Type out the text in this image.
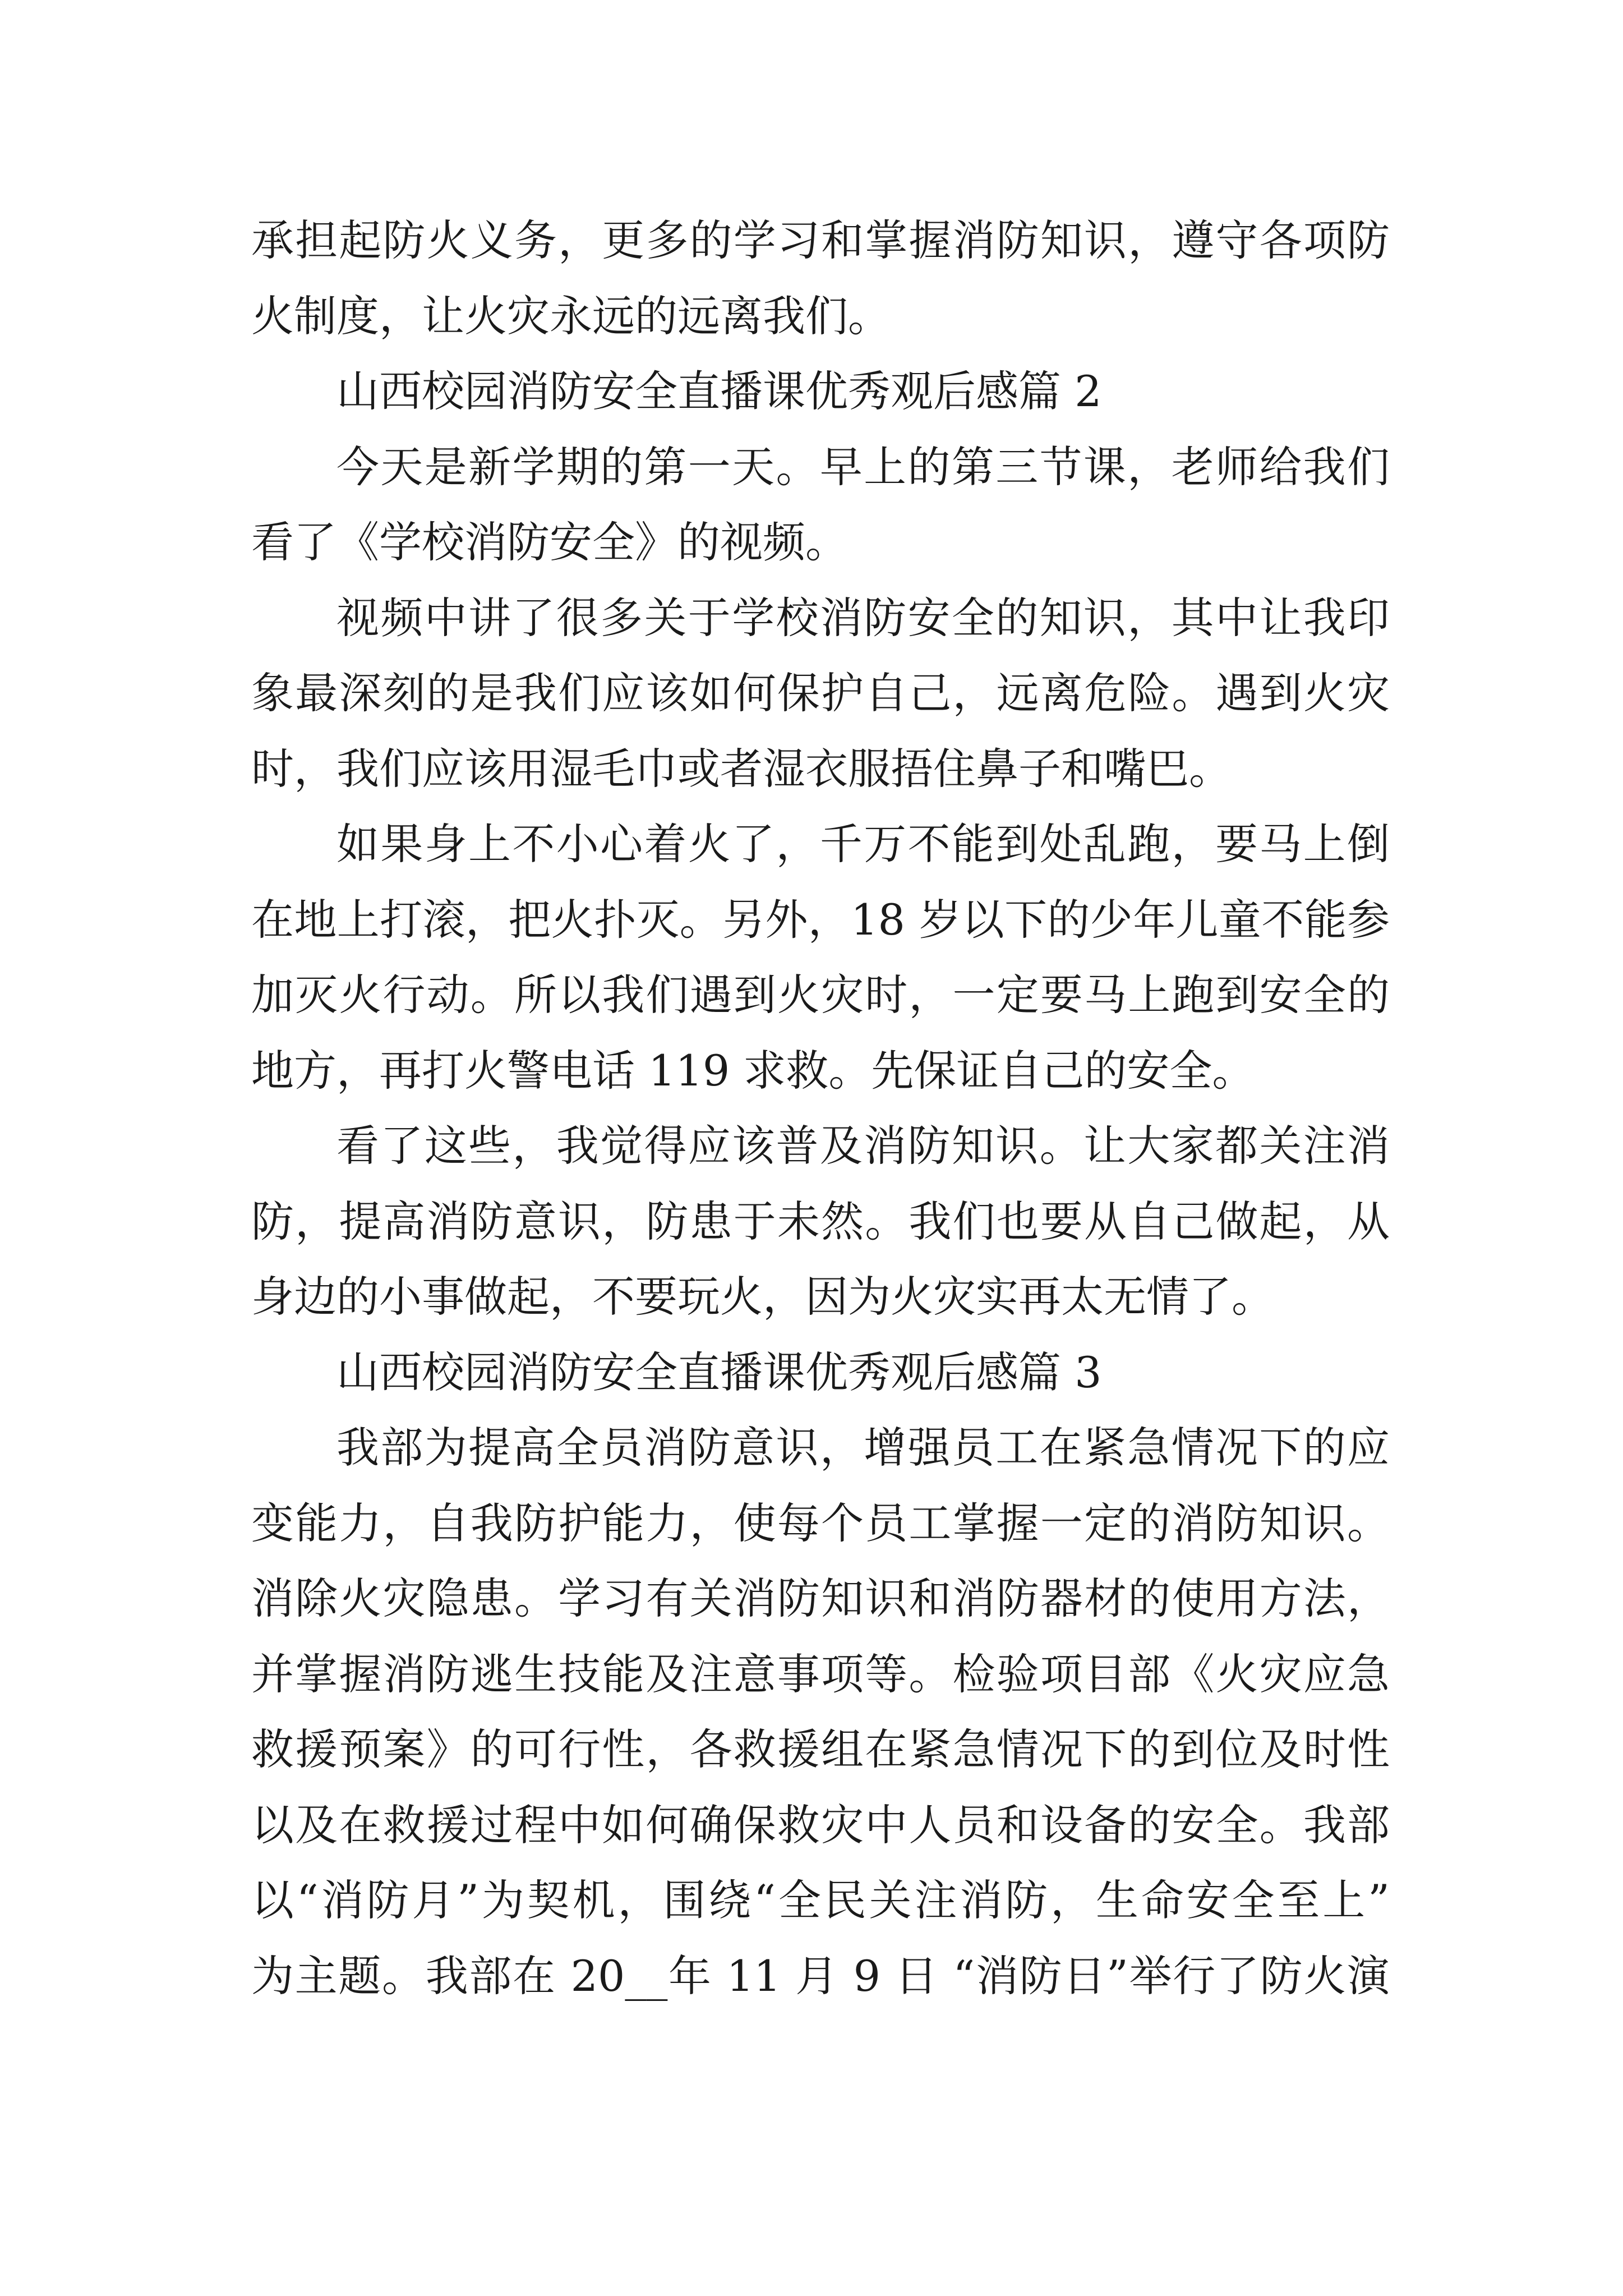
承担起防火义务，更多的学习和掌握消防知识，遵守各项防
火制度，让火灾永远的远离我们。
山西校园消防安全直播课优秀观后感篇 2
今天是新学期的第一天。早上的第三节课，老师给我们
看了《学校消防安全》的视频。
视频中讲了很多关于学校消防安全的知识，其中让我印
象最深刻的是我们应该如何保护自己，远离危险。遇到火灾
时，我们应该用湿毛巾或者湿衣服捂住鼻子和嘴巴。
如果身上不小心着火了，千万不能到处乱跑，要马上倒
在地上打滚，把火扑灭。另外，18 岁以下的少年儿童不能参
加灭火行动。所以我们遇到火灾时，一定要马上跑到安全的
地方，再打火警电话 119 求救。先保证自己的安全。
看了这些，我觉得应该普及消防知识。让大家都关注消
防，提高消防意识，防患于未然。我们也要从自己做起，从
身边的小事做起，不要玩火，因为火灾实再太无情了。
山西校园消防安全直播课优秀观后感篇 3
我部为提高全员消防意识，增强员工在紧急情况下的应
变能力，自我防护能力，使每个员工掌握一定的消防知识。
消除火灾隐患。学习有关消防知识和消防器材的使用方法，
并掌握消防逃生技能及注意事项等。检验项目部《火灾应急
救援预案》的可行性，各救援组在紧急情况下的到位及时性
以及在救援过程中如何确保救灾中人员和设备的安全。我部
以“消防月”为契机，围绕“全民关注消防，生命安全至上”
为主题。我部在 20__年 11 月 9 日 “消防日”举行了防火演
